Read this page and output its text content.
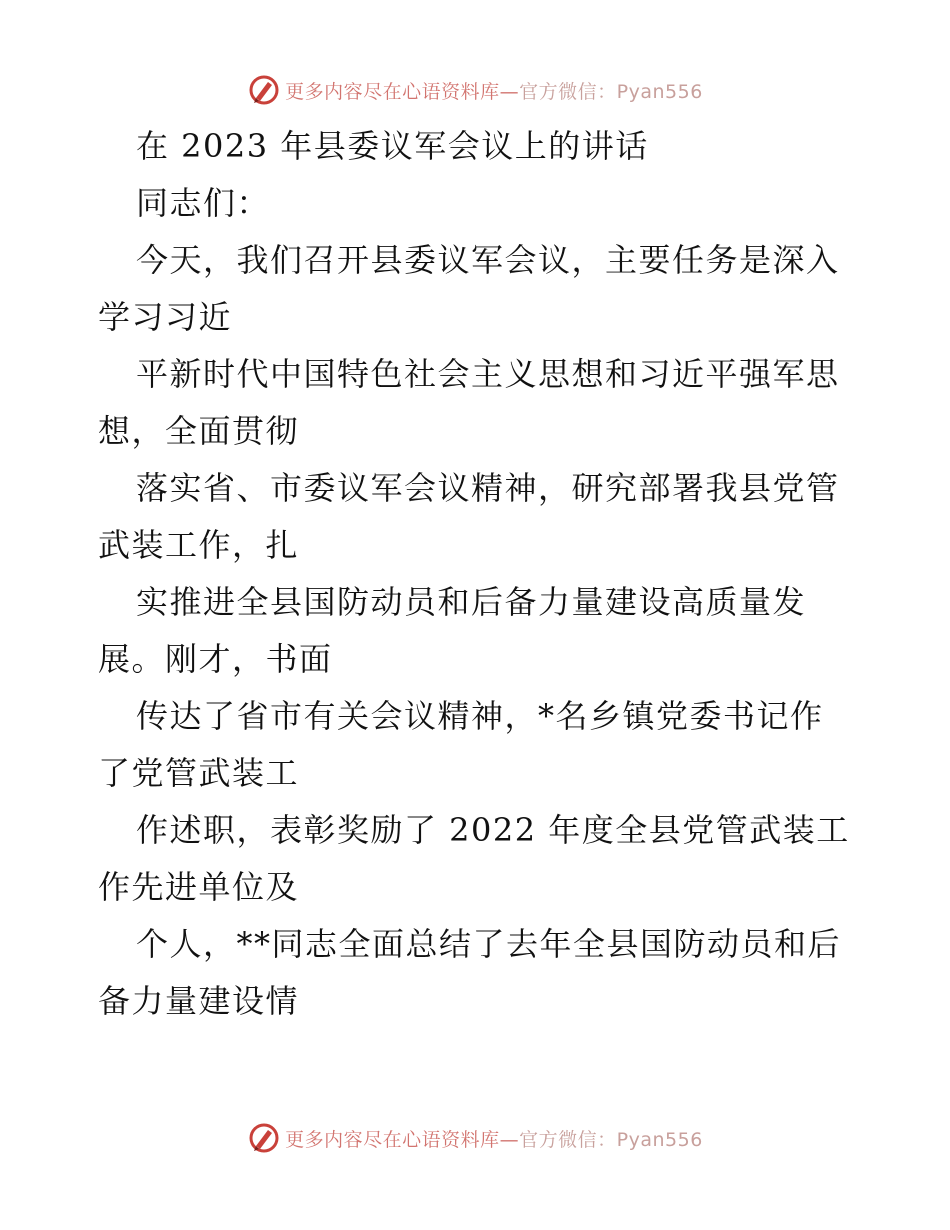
更多内容尽在心语资料库—官方微信：Pyan556
在 2023 年县委议军会议上的讲话
同志们：
今天，我们召开县委议军会议，主要任务是深入
学习习近
平新时代中国特色社会主义思想和习近平强军思
想，全面贯彻
落实省、市委议军会议精神，研究部署我县党管
武装工作，扎
实推进全县国防动员和后备力量建设高质量发
展。刚才，书面
传达了省市有关会议精神，*名乡镇党委书记作
了党管武装工
作述职，表彰奖励了 2022 年度全县党管武装工
作先进单位及
个人，**同志全面总结了去年全县国防动员和后
备力量建设情
更多内容尽在心语资料库—官方微信：Pyan556
